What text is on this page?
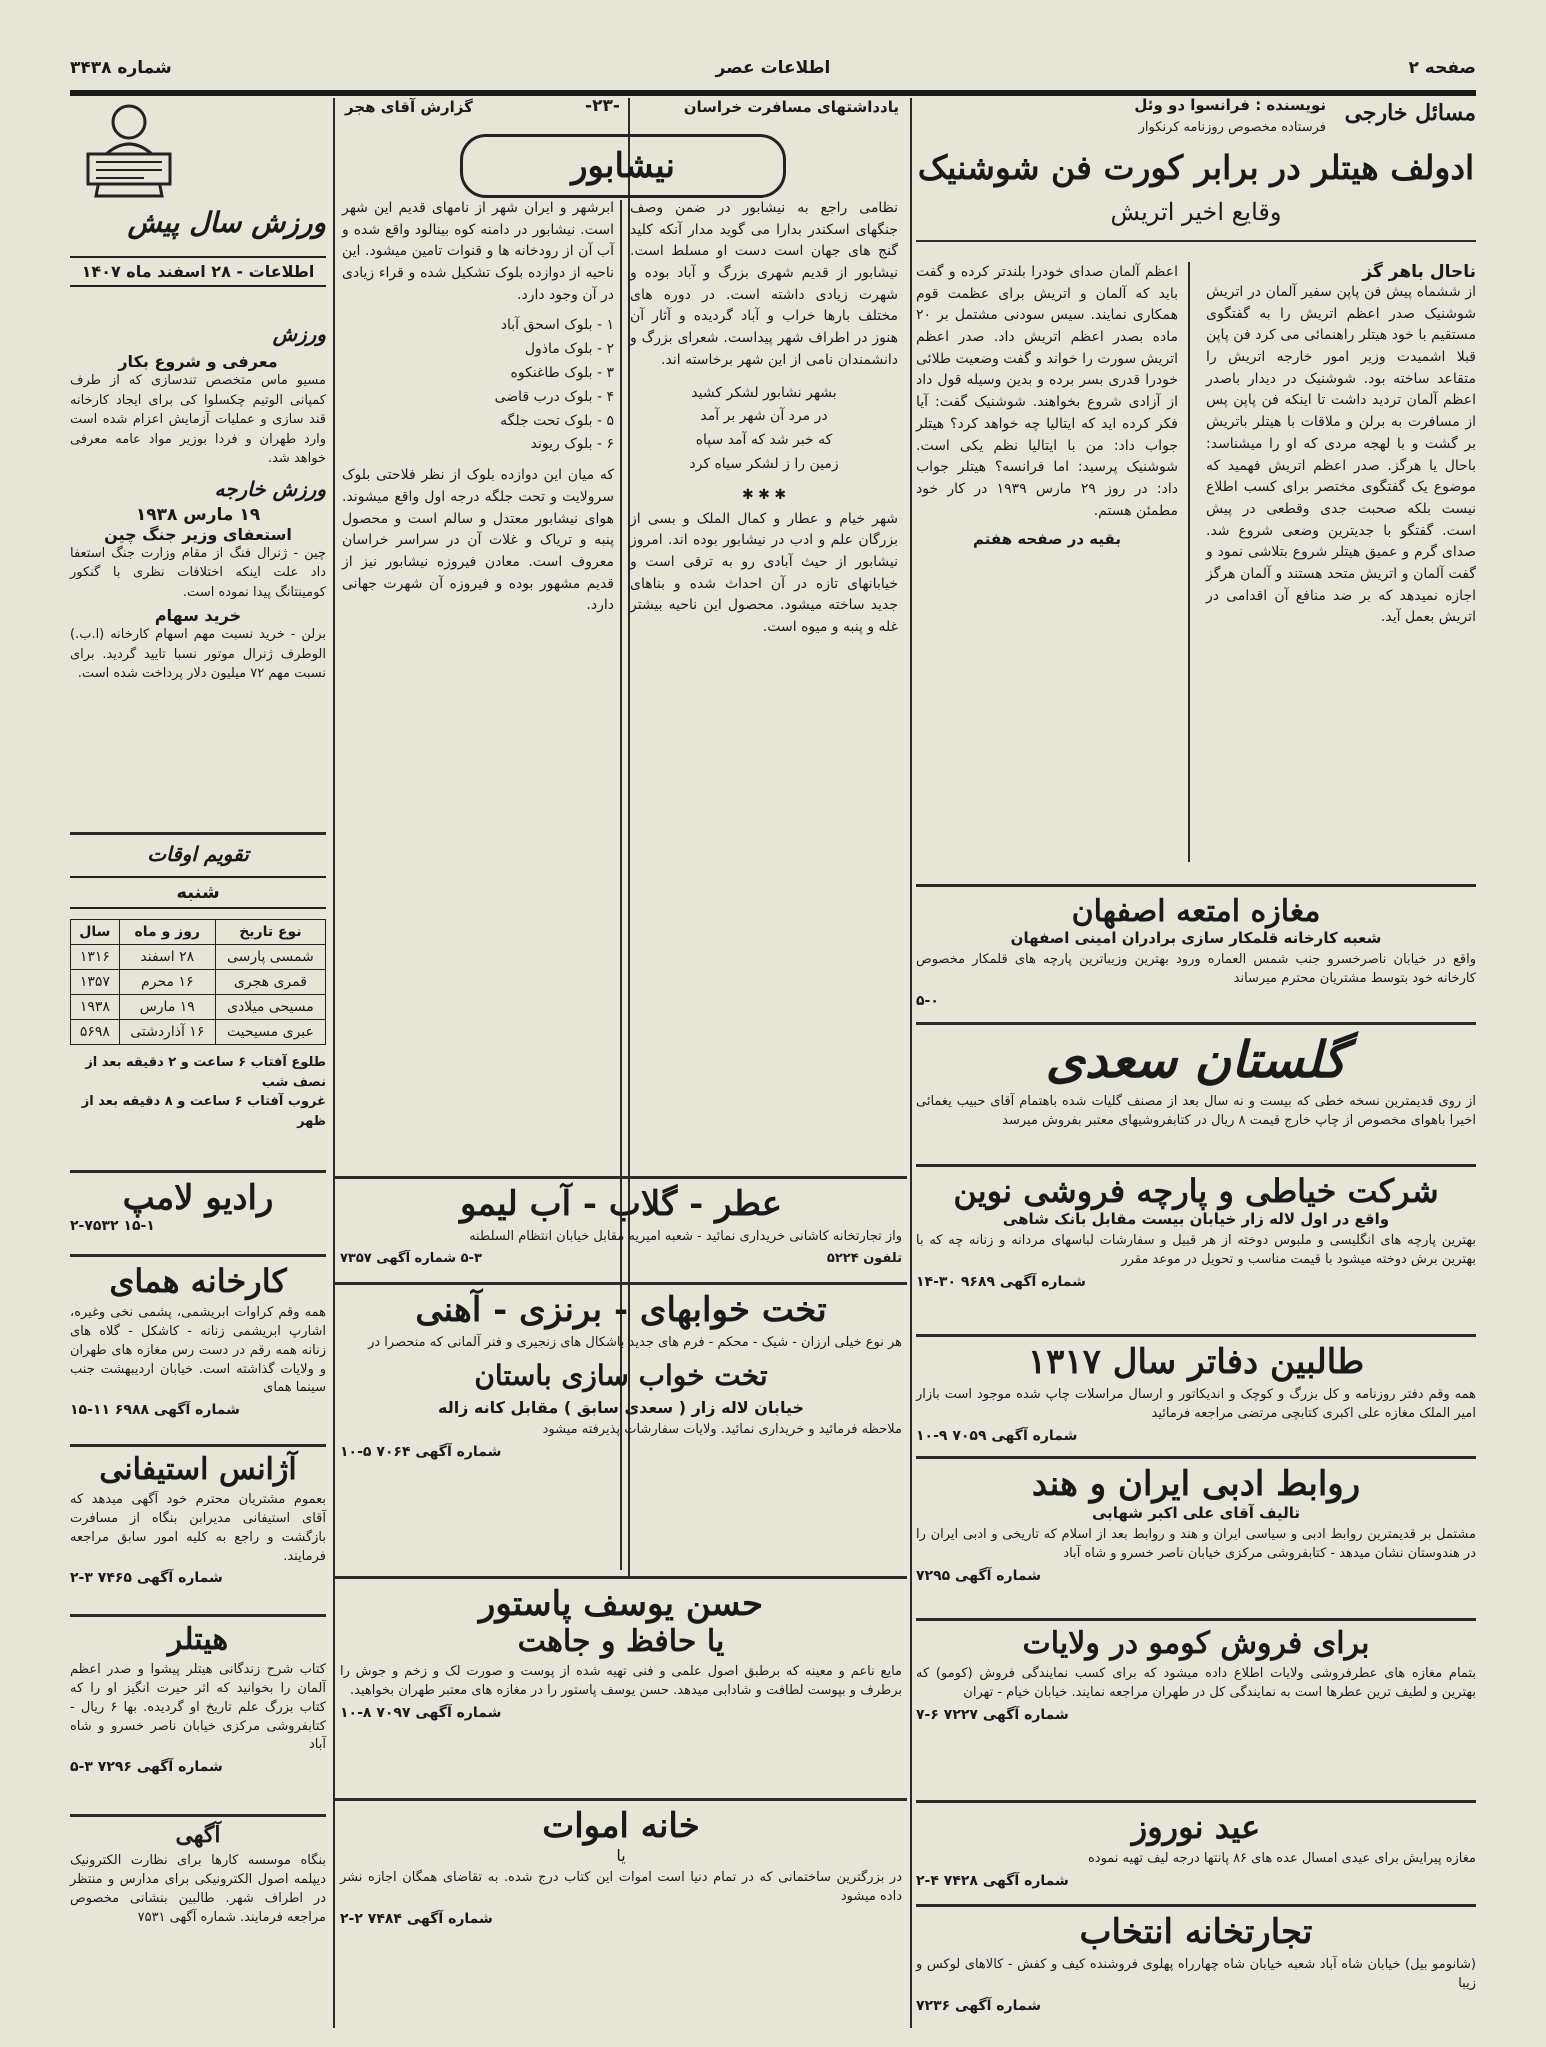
صفحه ۲
اطلاعات عصر
شماره ۳۴۳۸
مسائل خارجی
نویسنده : فرانسوا دو وئل
فرستاده مخصوص روزنامه کرنکوار
ادولف هیتلر در برابر کورت فن شوشنیک
وقایع اخیر اتریش
ناحال باهر گز
از ششماه پیش فن پاپن سفیر آلمان در اتریش شوشنیک صدر اعظم اتریش را به گفتگوی مستقیم با خود هیتلر راهنمائی می کرد فن پاپن قبلا اشمیدت وزیر امور خارجه اتریش را متقاعد ساخته بود. شوشنیک در دیدار باصدر اعظم آلمان تردید داشت تا اینکه فن پاپن پس از مسافرت به برلن و ملاقات با هیتلر باتریش بر گشت و با لهجه مردی که او را میشناسد: باحال یا هرگز. صدر اعظم اتریش فهمید که موضوع یک گفتگوی مختصر برای کسب اطلاع نیست بلکه صحبت جدی وقطعی در پیش است. گفتگو با جدیترین وضعی شروع شد. صدای گرم و عمیق هیتلر شروع بتلاشی نمود و گفت آلمان و اتریش متحد هستند و آلمان هرگز اجازه نمیدهد که بر ضد منافع آن اقدامی در اتریش بعمل آید.
اعظم آلمان صدای خودرا بلندتر کرده و گفت باید که آلمان و اتریش برای عظمت قوم همکاری نمایند. سیس سودنی مشتمل بر ۲۰ ماده بصدر اعظم اتریش داد. صدر اعظم اتریش سورت را خواند و گفت وضعیت طلائی خودرا قدری بسر برده و بدین وسیله قول داد از آزادی شروع بخواهند. شوشنیک گفت: آیا فکر کرده اید که ایتالیا چه خواهد کرد؟ هیتلر جواب داد: من با ایتالیا نظم یکی است. شوشنیک پرسید: اما فرانسه؟ هیتلر جواب داد: در روز ۲۹ مارس ۱۹۳۹ در کار خود مطمئن هستم.
بقیه در صفحه هفتم
مغازه امتعه اصفهان
شعبه کارخانه قلمکار سازی برادران امینی اصفهان

واقع در خیابان ناصرخسرو جنب شمس العماره ورود بهترین وزیباترین پارچه های قلمکار مخصوص کارخانه خود بتوسط مشتریان محترم میرساند

۵-۰
گلستان سعدی

از روی قدیمترین نسخه خطی که بیست و نه سال بعد از مصنف گلیات شده باهتمام آقای حبیب یغمائی اخیرا باهوای مخصوص از چاپ خارج قیمت ۸ ریال در کتابفروشیهای معتبر بفروش میرسد

شرکت خیاطی و پارچه فروشی نوین
واقع در اول لاله زار خیابان بیست مقابل بانک شاهی

بهترین پارچه های انگلیسی و ملبوس دوخته از هر قبیل و سفارشات لباسهای مردانه و زنانه چه که با بهترین برش دوخته میشود با قیمت مناسب و تحویل در موعد مقرر

۱۴-۳۰ شماره آگهی ۹۶۸۹
طالبین دفاتر سال ۱۳۱۷

همه وقم دفتر روزنامه و کل بزرگ و کوچک و اندیکاتور و ارسال مراسلات چاپ شده موجود است بازار امیر الملک مغازه علی اکبری کتابچی مرتضی مراجعه فرمائید

۱۰-۹ شماره آگهی ۷۰۵۹
روابط ادبی ایران و هند
تالیف آقای علی اکبر شهابی

مشتمل بر قدیمترین روابط ادبی و سیاسی ایران و هند و روابط بعد از اسلام که تاریخی و ادبی ایران را در هندوستان نشان میدهد - کتابفروشی مرکزی خیابان ناصر خسرو و شاه آباد

شماره آگهی ۷۲۹۵
برای فروش کومو در ولایات

بتمام مغازه های عطرفروشی ولایات اطلاع داده میشود که برای کسب نمایندگی فروش (کومو) که بهترین و لطیف ترین عطرها است به نمایندگی کل در طهران مراجعه نمایند. خیابان خیام - تهران

۷-۶ شماره آگهی ۷۲۲۷
عید نوروز

مغازه پیرایش برای عیدی امسال عده های ۸۶ پانتها درجه لیف تهیه نموده

۲-۴ شماره آگهی ۷۴۲۸
تجارتخانه انتخاب

(شانومو بیل) خیابان شاه آباد شعبه خیابان شاه چهارراه پهلوی فروشنده کیف و کفش - کالاهای لوکس و زیبا

شماره آگهی ۷۲۳۶
یادداشتهای مسافرت خراسان
-۲۳-
گزارش آقای هجر
نیشابور
نظامی راجع به نیشابور در ضمن وصف جنگهای اسکندر بدارا می گوید مدار آنکه کلید گنج های جهان است دست او مسلط است. نیشابور از قدیم شهری بزرگ و آباد بوده و شهرت زیادی داشته است. در دوره های مختلف بارها خراب و آباد گردیده و آثار آن هنوز در اطراف شهر پیداست. شعرای بزرگ و دانشمندان نامی از این شهر برخاسته اند.
بشهر نشابور لشکر کشید
در مرد آن شهر بر آمد
که خبر شد که آمد سپاه
زمین را ز لشکر سیاه کرد
✱ ✱ ✱
شهر خیام و عطار و کمال الملک و بسی از بزرگان علم و ادب در نیشابور بوده اند. امروز نیشابور از حیث آبادی رو به ترقی است و خیابانهای تازه در آن احداث شده و بناهای جدید ساخته میشود. محصول این ناحیه بیشتر غله و پنبه و میوه است.
ابرشهر و ایران شهر از نامهای قدیم این شهر است. نیشابور در دامنه کوه بینالود واقع شده و آب آن از رودخانه ها و قنوات تامین میشود. این ناحیه از دوازده بلوک تشکیل شده و قراء زیادی در آن وجود دارد.
۱ - بلوک اسحق آباد
۲ - بلوک ماذول
۳ - بلوک طاغنکوه
۴ - بلوک درب قاضی
۵ - بلوک تحت جلگه
۶ - بلوک ریوند
که میان این دوازده بلوک از نظر فلاحتی بلوک سرولایت و تحت جلگه درجه اول واقع میشوند. هوای نیشابور معتدل و سالم است و محصول پنبه و تریاک و غلات آن در سراسر خراسان معروف است. معادن فیروزه نیشابور نیز از قدیم مشهور بوده و فیروزه آن شهرت جهانی دارد.
عطر - گلاب - آب لیمو

واز تجارتخانه کاشانی خریداری نمائید - شعبه امیریه مقابل خیابان انتظام السلطنه

تلفون ۵۲۲۴
۵-۳ شماره آگهی ۷۳۵۷
تخت خوابهای - برنزی - آهنی

هر نوع خیلی ارزان - شیک - محکم - فرم های جدید باشکال های زنجیری و فنر آلمانی که منحصرا در

تخت خواب سازی باستان
خیابان لاله زار ( سعدی سابق ) مقابل کانه زاله

ملاحظه فرمائید و خریداری نمائید. ولایات سفارشات پذیرفته میشود

۱۰-۵ شماره آگهی ۷۰۶۴
حسن یوسف پاستور
یا حافظ و جاهت

مایع ناعم و معینه که برطبق اصول علمی و فنی تهیه شده از پوست و صورت لک و زخم و جوش را برطرف و بپوست لطافت و شادابی میدهد. حسن یوسف پاستور را در مغازه های معتبر طهران بخواهید.

۱۰-۸ شماره آگهی ۷۰۹۷
خانه اموات
یا

در بزرگترین ساختمانی که در تمام دنیا است اموات این کتاب درج شده. به تقاضای همگان اجازه نشر داده میشود

۲-۲ شماره آگهی ۷۴۸۴
ورزش سال پیش
اطلاعات - ۲۸ اسفند ماه ۱۴۰۷
ورزش
معرفی و شروع بکار
مسیو ماس متخصص تندسازی که از طرف کمپانی الوتیم چکسلوا کی برای ایجاد کارخانه قند سازی و عملیات آزمایش اعزام شده است وارد طهران و فردا بوزیر مواد عامه معرفی خواهد شد.
ورزش خارجه
۱۹ مارس ۱۹۳۸
استعفای وزیر جنگ چین
چین - ژنرال فنگ از مقام وزارت جنگ استعفا داد علت اینکه اختلافات نظری با گنکور کومینتانگ پیدا نموده است.
خرید سهام
برلن - خرید نسبت مهم اسهام کارخانه (ا.ب.) الوطرف ژنرال موتور نسبا تایید گردید. برای نسبت مهم ۷۲ میلیون دلار پرداخت شده است.
تقویم اوقات
شنبه
نوع تاریخ	روز و ماه	سال
شمسی پارسی	۲۸ اسفند	۱۳۱۶
قمری هجری	۱۶ محرم	۱۳۵۷
مسیحی میلادی	۱۹ مارس	۱۹۳۸
عبری مسیحیت	۱۶ آذاردشتی	۵۶۹۸
طلوع آفتاب ۶ ساعت و ۲ دقیقه بعد از نصف شب
غروب آفتاب ۶ ساعت و ۸ دقیقه بعد از ظهر
رادیو لامپ
۲-۷۵۳۲ ۱۵-۱
کارخانه همای

همه وقم کراوات ابریشمی، پشمی نخی وغیره، اشارپ ابریشمی زنانه - کاشکل - گلاه های زنانه همه رقم در دست رس مغازه های طهران و ولایات گذاشته است. خیابان اردیبهشت جنب سینما همای

۱۵-۱۱ شماره آگهی ۶۹۸۸
آژانس استیفانی

بعموم مشتریان محترم خود آگهی میدهد که آقای استیفانی مدیرابن بنگاه از مسافرت بازگشت و راجع به کلیه امور سابق مراجعه فرمایند.

۲-۳ شماره آگهی ۷۴۶۵
هیتلر

کتاب شرح زندگانی هیتلر پیشوا و صدر اعظم آلمان را بخوانید که اثر حیرت انگیز او را که کتاب بزرگ علم تاریخ او گردیده. بها ۶ ریال - کتابفروشی مرکزی خیابان ناصر خسرو و شاه آباد

۵-۳ شماره آگهی ۷۲۹۶
آگهی

بنگاه موسسه کارها برای نظارت الکترونیک دیپلمه اصول الکترونیکی برای مدارس و منتظر در اطراف شهر. طالبین بنشانی مخصوص مراجعه فرمایند. شماره آگهی ۷۵۳۱
